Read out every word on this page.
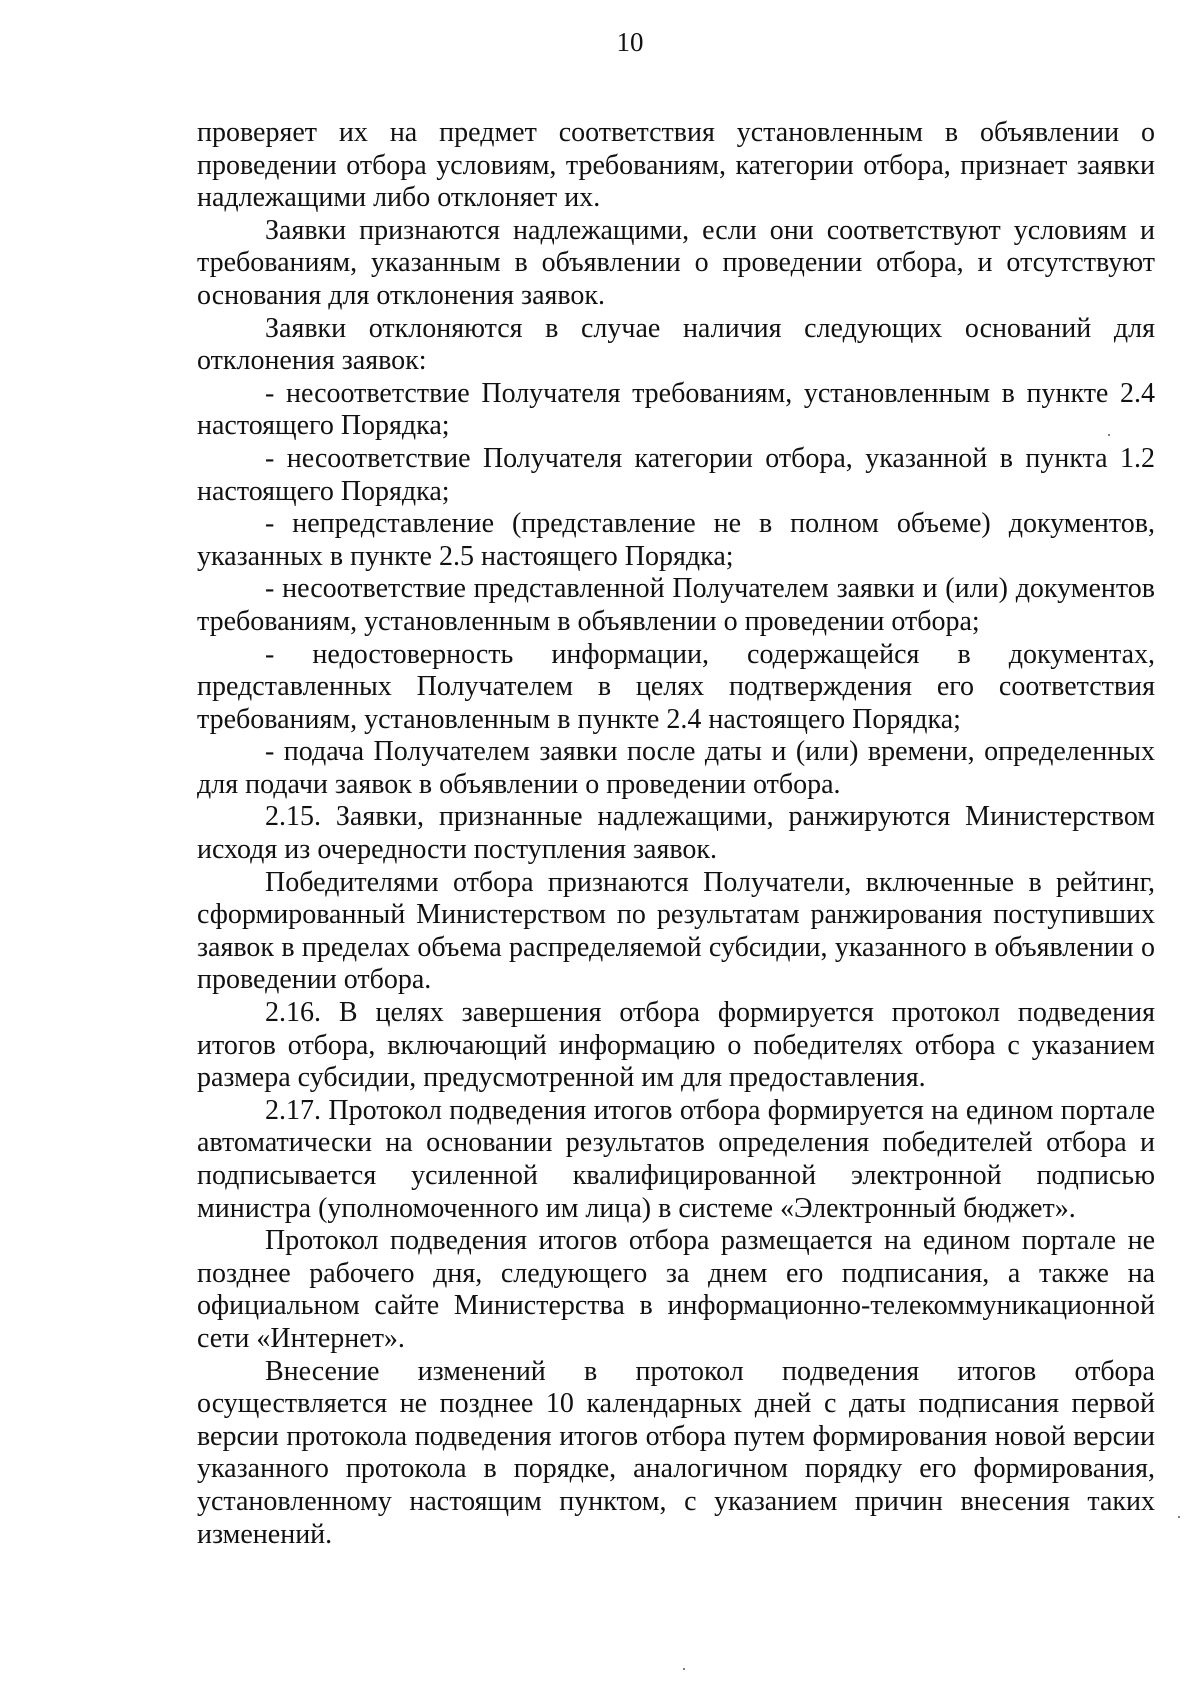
10

проверяет их на предмет соответствия установленным в объявлении о проведении отбора условиям, требованиям, категории отбора, признает заявки надлежащими либо отклоняет их.

Заявки признаются надлежащими, если они соответствуют условиям и требованиям, указанным в объявлении о проведении отбора, и отсутствуют основания для отклонения заявок.

Заявки отклоняются в случае наличия следующих оснований для отклонения заявок:

- несоответствие Получателя требованиям, установленным в пункте 2.4 настоящего Порядка;

- несоответствие Получателя категории отбора, указанной в пункта 1.2 настоящего Порядка;

- непредставление (представление не в полном объеме) документов, указанных в пункте 2.5 настоящего Порядка;

- несоответствие представленной Получателем заявки и (или) документов требованиям, установленным в объявлении о проведении отбора;

- недостоверность информации, содержащейся в документах, представленных Получателем в целях подтверждения его соответствия требованиям, установленным в пункте 2.4 настоящего Порядка;

- подача Получателем заявки после даты и (или) времени, определенных для подачи заявок в объявлении о проведении отбора.

2.15. Заявки, признанные надлежащими, ранжируются Министерством исходя из очередности поступления заявок.

Победителями отбора признаются Получатели, включенные в рейтинг, сформированный Министерством по результатам ранжирования поступивших заявок в пределах объема распределяемой субсидии, указанного в объявлении о проведении отбора.

2.16. В целях завершения отбора формируется протокол подведения итогов отбора, включающий информацию о победителях отбора с указанием размера субсидии, предусмотренной им для предоставления.

2.17. Протокол подведения итогов отбора формируется на едином портале автоматически на основании результатов определения победителей отбора и подписывается усиленной квалифицированной электронной подписью министра (уполномоченного им лица) в системе «Электронный бюджет».

Протокол подведения итогов отбора размещается на едином портале не позднее рабочего дня, следующего за днем его подписания, а также на официальном сайте Министерства в информационно-телекоммуникационной сети «Интернет».

Внесение изменений в протокол подведения итогов отбора осуществляется не позднее 10 календарных дней с даты подписания первой версии протокола подведения итогов отбора путем формирования новой версии указанного протокола в порядке, аналогичном порядку его формирования, установленному настоящим пунктом, с указанием причин внесения таких изменений.
